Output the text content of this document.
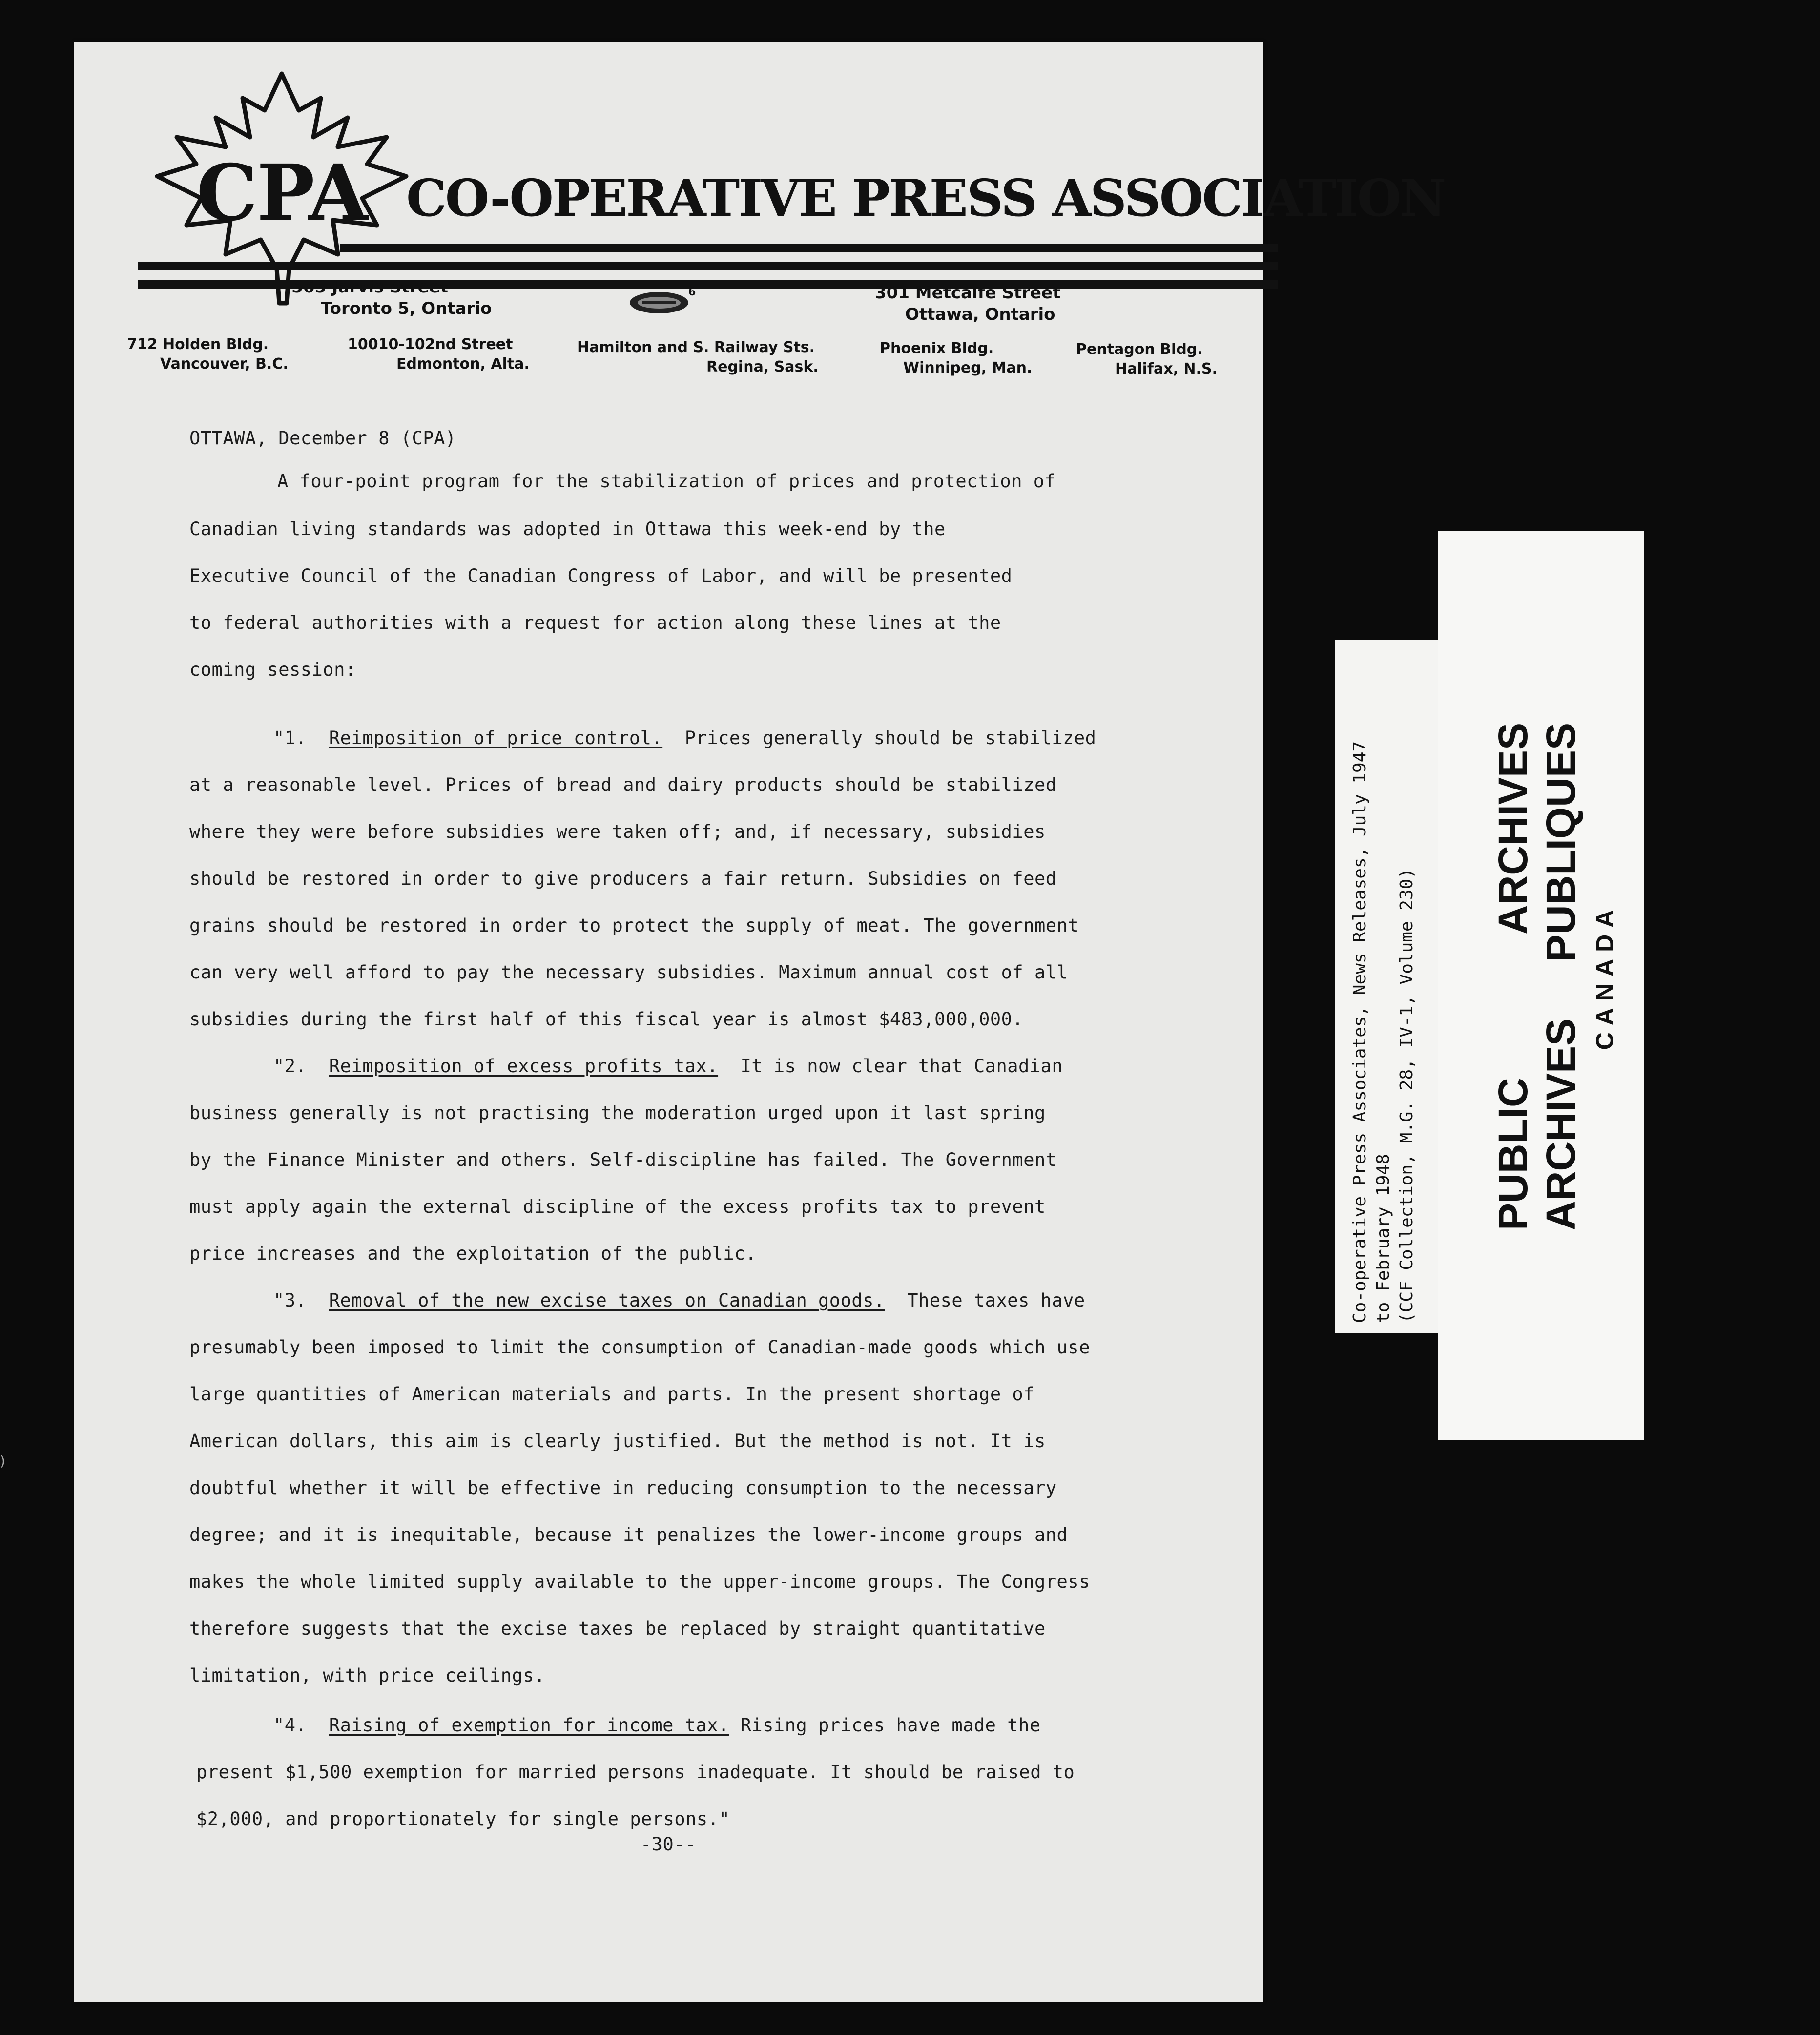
CPA CO-OPERATIVE PRESS ASSOCIATION
565 Jarvis Street
Toronto 5, Ontario
301 Metcalfe Street
Ottawa, Ontario
6
712 Holden Bldg.
Vancouver, B.C.
10010-102nd Street
Edmonton, Alta.
Hamilton and S. Railway Sts.
Regina, Sask.
Phoenix Bldg.
Winnipeg, Man.
Pentagon Bldg.
Halifax, N.S.
OTTAWA, December 8 (CPA)
A four-point program for the stabilization of prices and protection of
Canadian living standards was adopted in Ottawa this week-end by the
Executive Council of the Canadian Congress of Labor, and will be presented
to federal authorities with a request for action along these lines at the
coming session:
"1. Reimposition of price control. Prices generally should be stabilized
at a reasonable level. Prices of bread and dairy products should be stabilized
where they were before subsidies were taken off; and, if necessary, subsidies
should be restored in order to give producers a fair return. Subsidies on feed
grains should be restored in order to protect the supply of meat. The government
can very well afford to pay the necessary subsidies. Maximum annual cost of all
subsidies during the first half of this fiscal year is almost $483,000,000.
"2. Reimposition of excess profits tax. It is now clear that Canadian
business generally is not practising the moderation urged upon it last spring
by the Finance Minister and others. Self-discipline has failed. The Government
must apply again the external discipline of the excess profits tax to prevent
price increases and the exploitation of the public.
"3. Removal of the new excise taxes on Canadian goods. These taxes have
presumably been imposed to limit the consumption of Canadian-made goods which use
large quantities of American materials and parts. In the present shortage of
American dollars, this aim is clearly justified. But the method is not. It is
doubtful whether it will be effective in reducing consumption to the necessary
degree; and it is inequitable, because it penalizes the lower-income groups and
makes the whole limited supply available to the upper-income groups. The Congress
therefore suggests that the excise taxes be replaced by straight quantitative
limitation, with price ceilings.
"4. Raising of exemption for income tax. Rising prices have made the
present $1,500 exemption for married persons inadequate. It should be raised to
$2,000, and proportionately for single persons."
-30--
Co-operative Press Associates, News Releases, July 1947 to February 1948 (CCF Collection, M.G. 28, IV-1, Volume 230) PUBLIC
ARCHIVES
ARCHIVES
PUBLIQUES
CANADA
)
